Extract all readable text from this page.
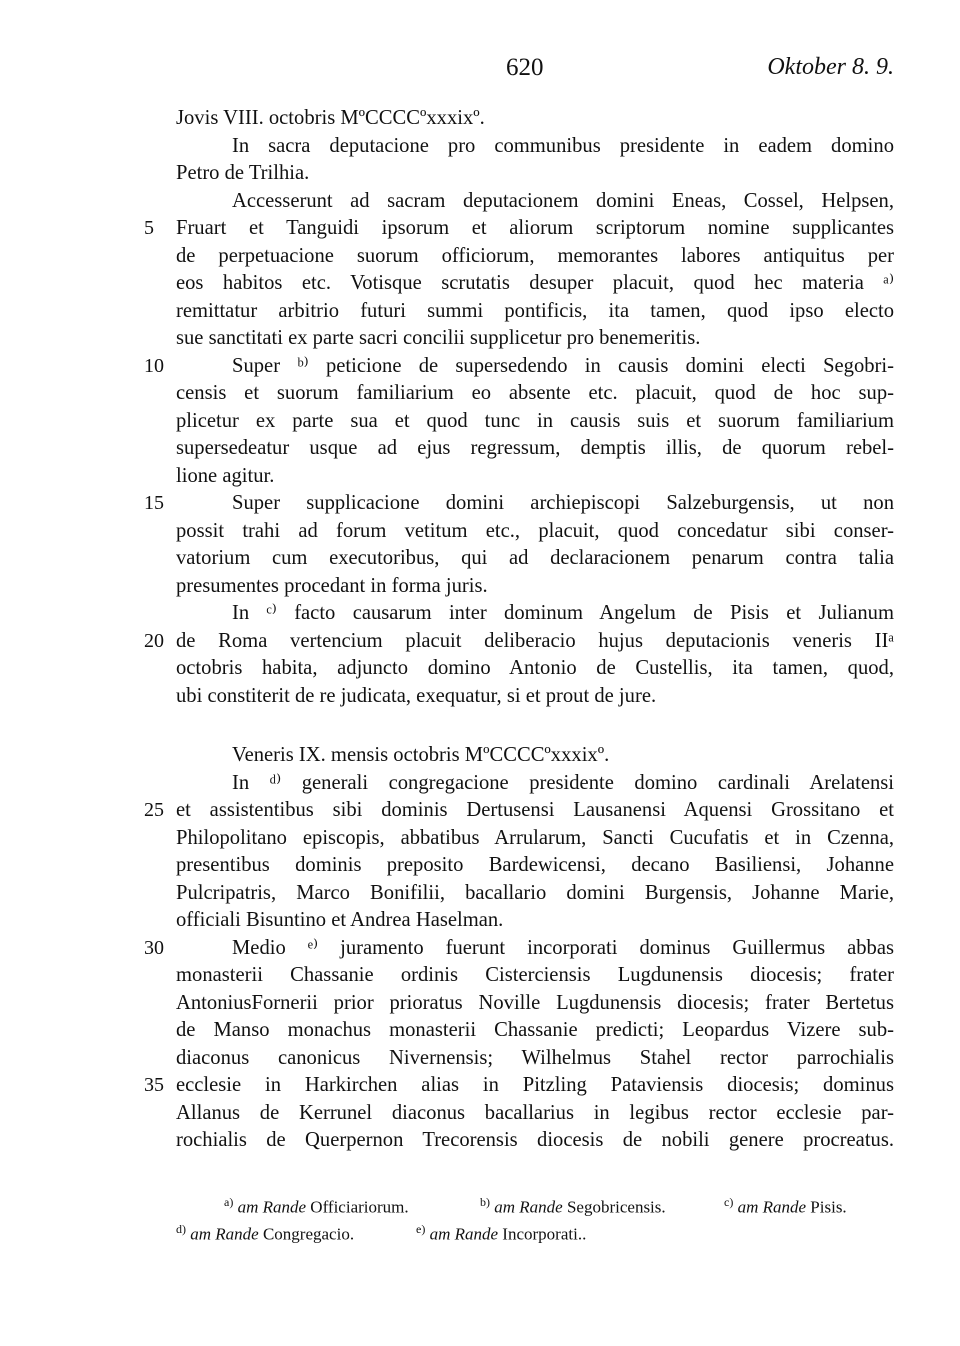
620	Oktober 8. 9.
Jovis VIII. octobris MºCCCCºxxxixº.
In sacra deputacione pro communibus presidente in eadem domino
Petro de Trilhia.
Accesserunt ad sacram deputacionem domini Eneas, Cossel, Helpsen,
5 Fruart et Tanguidi ipsorum et aliorum scriptorum nomine supplicantes
de perpetuacione suorum officiorum, memorantes labores antiquitus per
eos habitos etc. Votisque scrutatis desuper placuit, quod hec materia ᵃ⁾
remittatur arbitrio futuri summi pontificis, ita tamen, quod ipso electo
sue sanctitati ex parte sacri concilii supplicetur pro benemeritis.
10	Super ᵇ⁾ peticione de supersedendo in causis domini electi Segobri-
censis et suorum familiarium eo absente etc. placuit, quod de hoc sup-
plicetur ex parte sua et quod tunc in causis suis et suorum familiarium
supersedeatur usque ad ejus regressum, demptis illis, de quorum rebel-
lione agitur.
15	Super supplicacione domini archiepiscopi Salzeburgensis, ut non
possit trahi ad forum vetitum etc., placuit, quod concedatur sibi conser-
vatorium cum executoribus, qui ad declaracionem penarum contra talia
presumentes procedant in forma juris.
In ᶜ⁾ facto causarum inter dominum Angelum de Pisis et Julianum
20 de Roma vertencium placuit deliberacio hujus deputacionis veneris IIᵃ
octobris habita, adjuncto domino Antonio de Custellis, ita tamen, quod,
ubi constiterit de re judicata, exequatur, si et prout de jure.
Veneris IX. mensis octobris MºCCCCºxxxixº.
In ᵈ⁾ generali congregacione presidente domino cardinali Arelatensi
25 et assistentibus sibi dominis Dertusensi Lausanensi Aquensi Grossitano et
Philopolitano episcopis, abbatibus Arrularum, Sancti Cucufatis et in Czenna,
presentibus dominis preposito Bardewicensi, decano Basiliensi, Johanne
Pulcripatris, Marco Bonifilii, bacallario domini Burgensis, Johanne Marie,
officiali Bisuntino et Andrea Haselman.
30	Medio ᵉ⁾ juramento fuerunt incorporati dominus Guillermus abbas
monasterii Chassanie ordinis Cisterciensis Lugdunensis diocesis; frater
AntoniusFornerii prior prioratus Noville Lugdunensis diocesis; frater Bertetus
de Manso monachus monasterii Chassanie predicti; Leopardus Vizere sub-
diaconus canonicus Nivernensis; Wilhelmus Stahel rector parrochialis
35 ecclesie in Harkirchen alias in Pitzling Pataviensis diocesis; dominus
Allanus de Kerrunel diaconus bacallarius in legibus rector ecclesie par-
rochialis de Querpernon Trecorensis diocesis de nobili genere procreatus.
$^{a)}$ am Rande Officiariorum.	$^{b)}$ am Rande Segobricensis.	$^{c)}$ am Rande Pisis.
$^{d)}$ am Rande Congregacio.	$^{e)}$ am Rande Incorporati..
